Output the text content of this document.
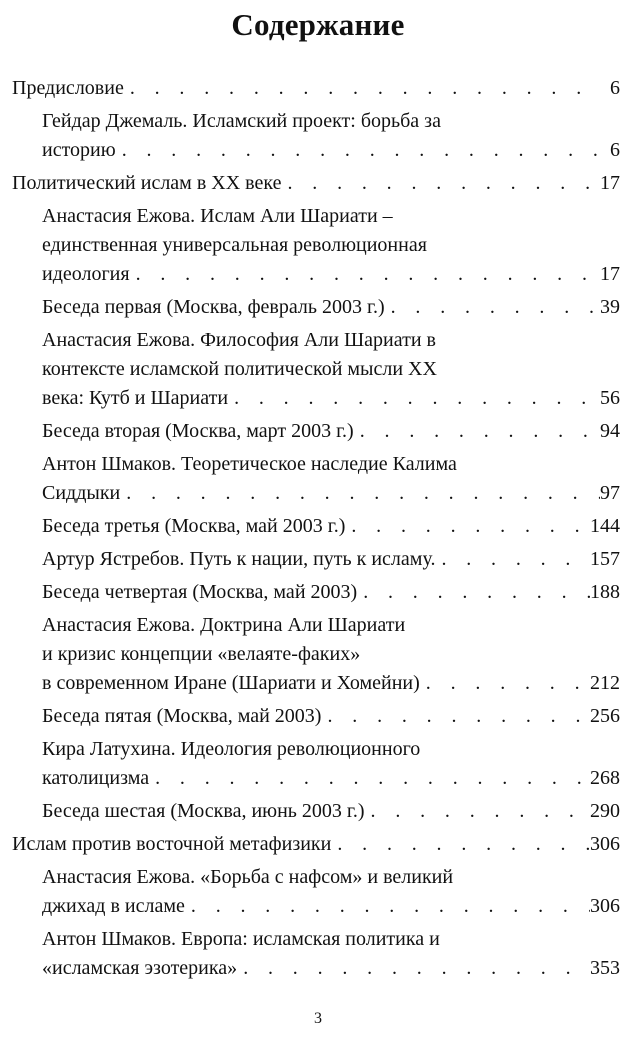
Содержание
Предисловие . . .	6
Гейдар Джемаль. Исламский проект: борьба за
историю . . .	6
Политический ислам в ХХ веке . . .	17
Анастасия Ежова. Ислам Али Шариати –
единственная универсальная революционная
идеология . . .	17
Беседа первая (Москва, февраль 2003 г.) . . .	39
Анастасия Ежова. Философия Али Шариати в
контексте исламской политической мысли ХХ
века: Кутб и Шариати . . .	56
Беседа вторая (Москва, март 2003 г.) . . .	94
Антон Шмаков. Теоретическое наследие Калима
Сиддыки . . .	97
Беседа третья (Москва, май 2003 г.) . . .	144
Артур Ястребов. Путь к нации, путь к исламу. . . .	157
Беседа четвертая (Москва, май 2003) . . .	188
Анастасия Ежова. Доктрина Али Шариати
и кризис концепции «велаяте-факих»
в современном Иране (Шариати и Хомейни) . . .	212
Беседа пятая (Москва, май 2003) . . .	256
Кира Латухина. Идеология революционного
католицизма . . .	268
Беседа шестая (Москва, июнь 2003 г.) . . .	290
Ислам против восточной метафизики . . .	306
Анастасия Ежова. «Борьба с нафсом» и великий
джихад в исламе . . .	306
Антон Шмаков. Европа: исламская политика и
«исламская эзотерика» . . .	353
3
